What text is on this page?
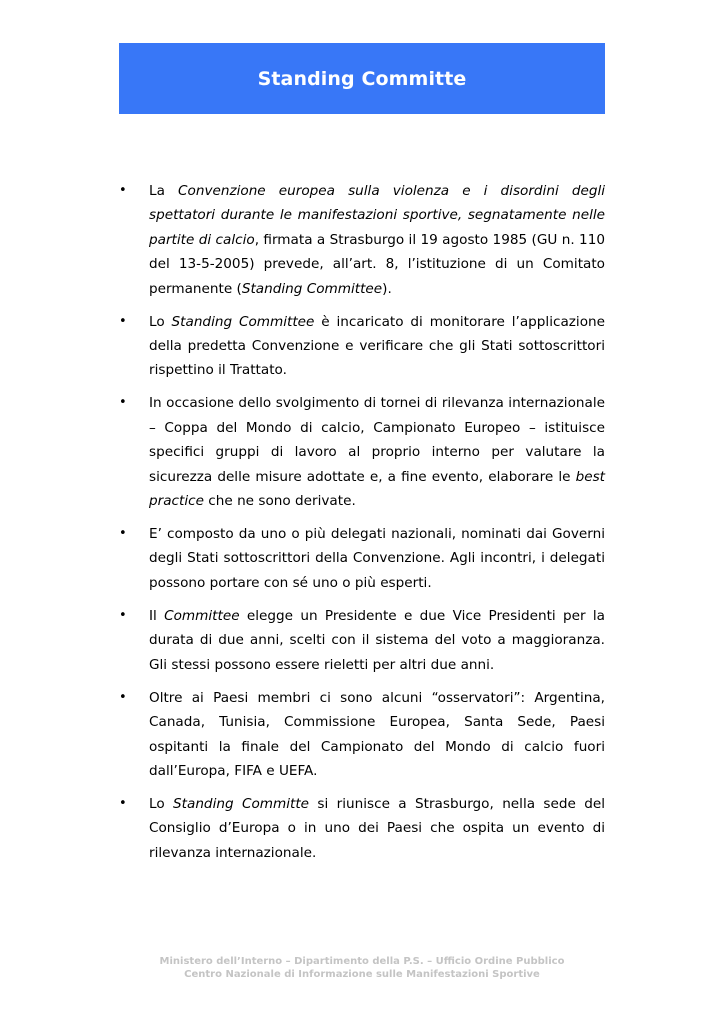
Standing Committe
• La Convenzione europea sulla violenza e i disordini degli spettatori durante le manifestazioni sportive, segnatamente nelle partite di calcio, firmata a Strasburgo il 19 agosto 1985 (GU n. 110 del 13-5-2005) prevede, all’art. 8, l’istituzione di un Comitato permanente (Standing Committee).
• Lo Standing Committee è incaricato di monitorare l’applicazione della predetta Convenzione e verificare che gli Stati sottoscrittori rispettino il Trattato.
• In occasione dello svolgimento di tornei di rilevanza internazionale – Coppa del Mondo di calcio, Campionato Europeo – istituisce specifici gruppi di lavoro al proprio interno per valutare la sicurezza delle misure adottate e, a fine evento, elaborare le best practice che ne sono derivate.
• E’ composto da uno o più delegati nazionali, nominati dai Governi degli Stati sottoscrittori della Convenzione. Agli incontri, i delegati possono portare con sé uno o più esperti.
• Il Committee elegge un Presidente e due Vice Presidenti per la durata di due anni, scelti con il sistema del voto a maggioranza. Gli stessi possono essere rieletti per altri due anni.
• Oltre ai Paesi membri ci sono alcuni “osservatori”: Argentina, Canada, Tunisia, Commissione Europea, Santa Sede, Paesi ospitanti la finale del Campionato del Mondo di calcio fuori dall’Europa, FIFA e UEFA.
• Lo Standing Committe si riunisce a Strasburgo, nella sede del Consiglio d’Europa o in uno dei Paesi che ospita un evento di rilevanza internazionale.
Ministero dell’Interno – Dipartimento della P.S. – Ufficio Ordine Pubblico
Centro Nazionale di Informazione sulle Manifestazioni Sportive
